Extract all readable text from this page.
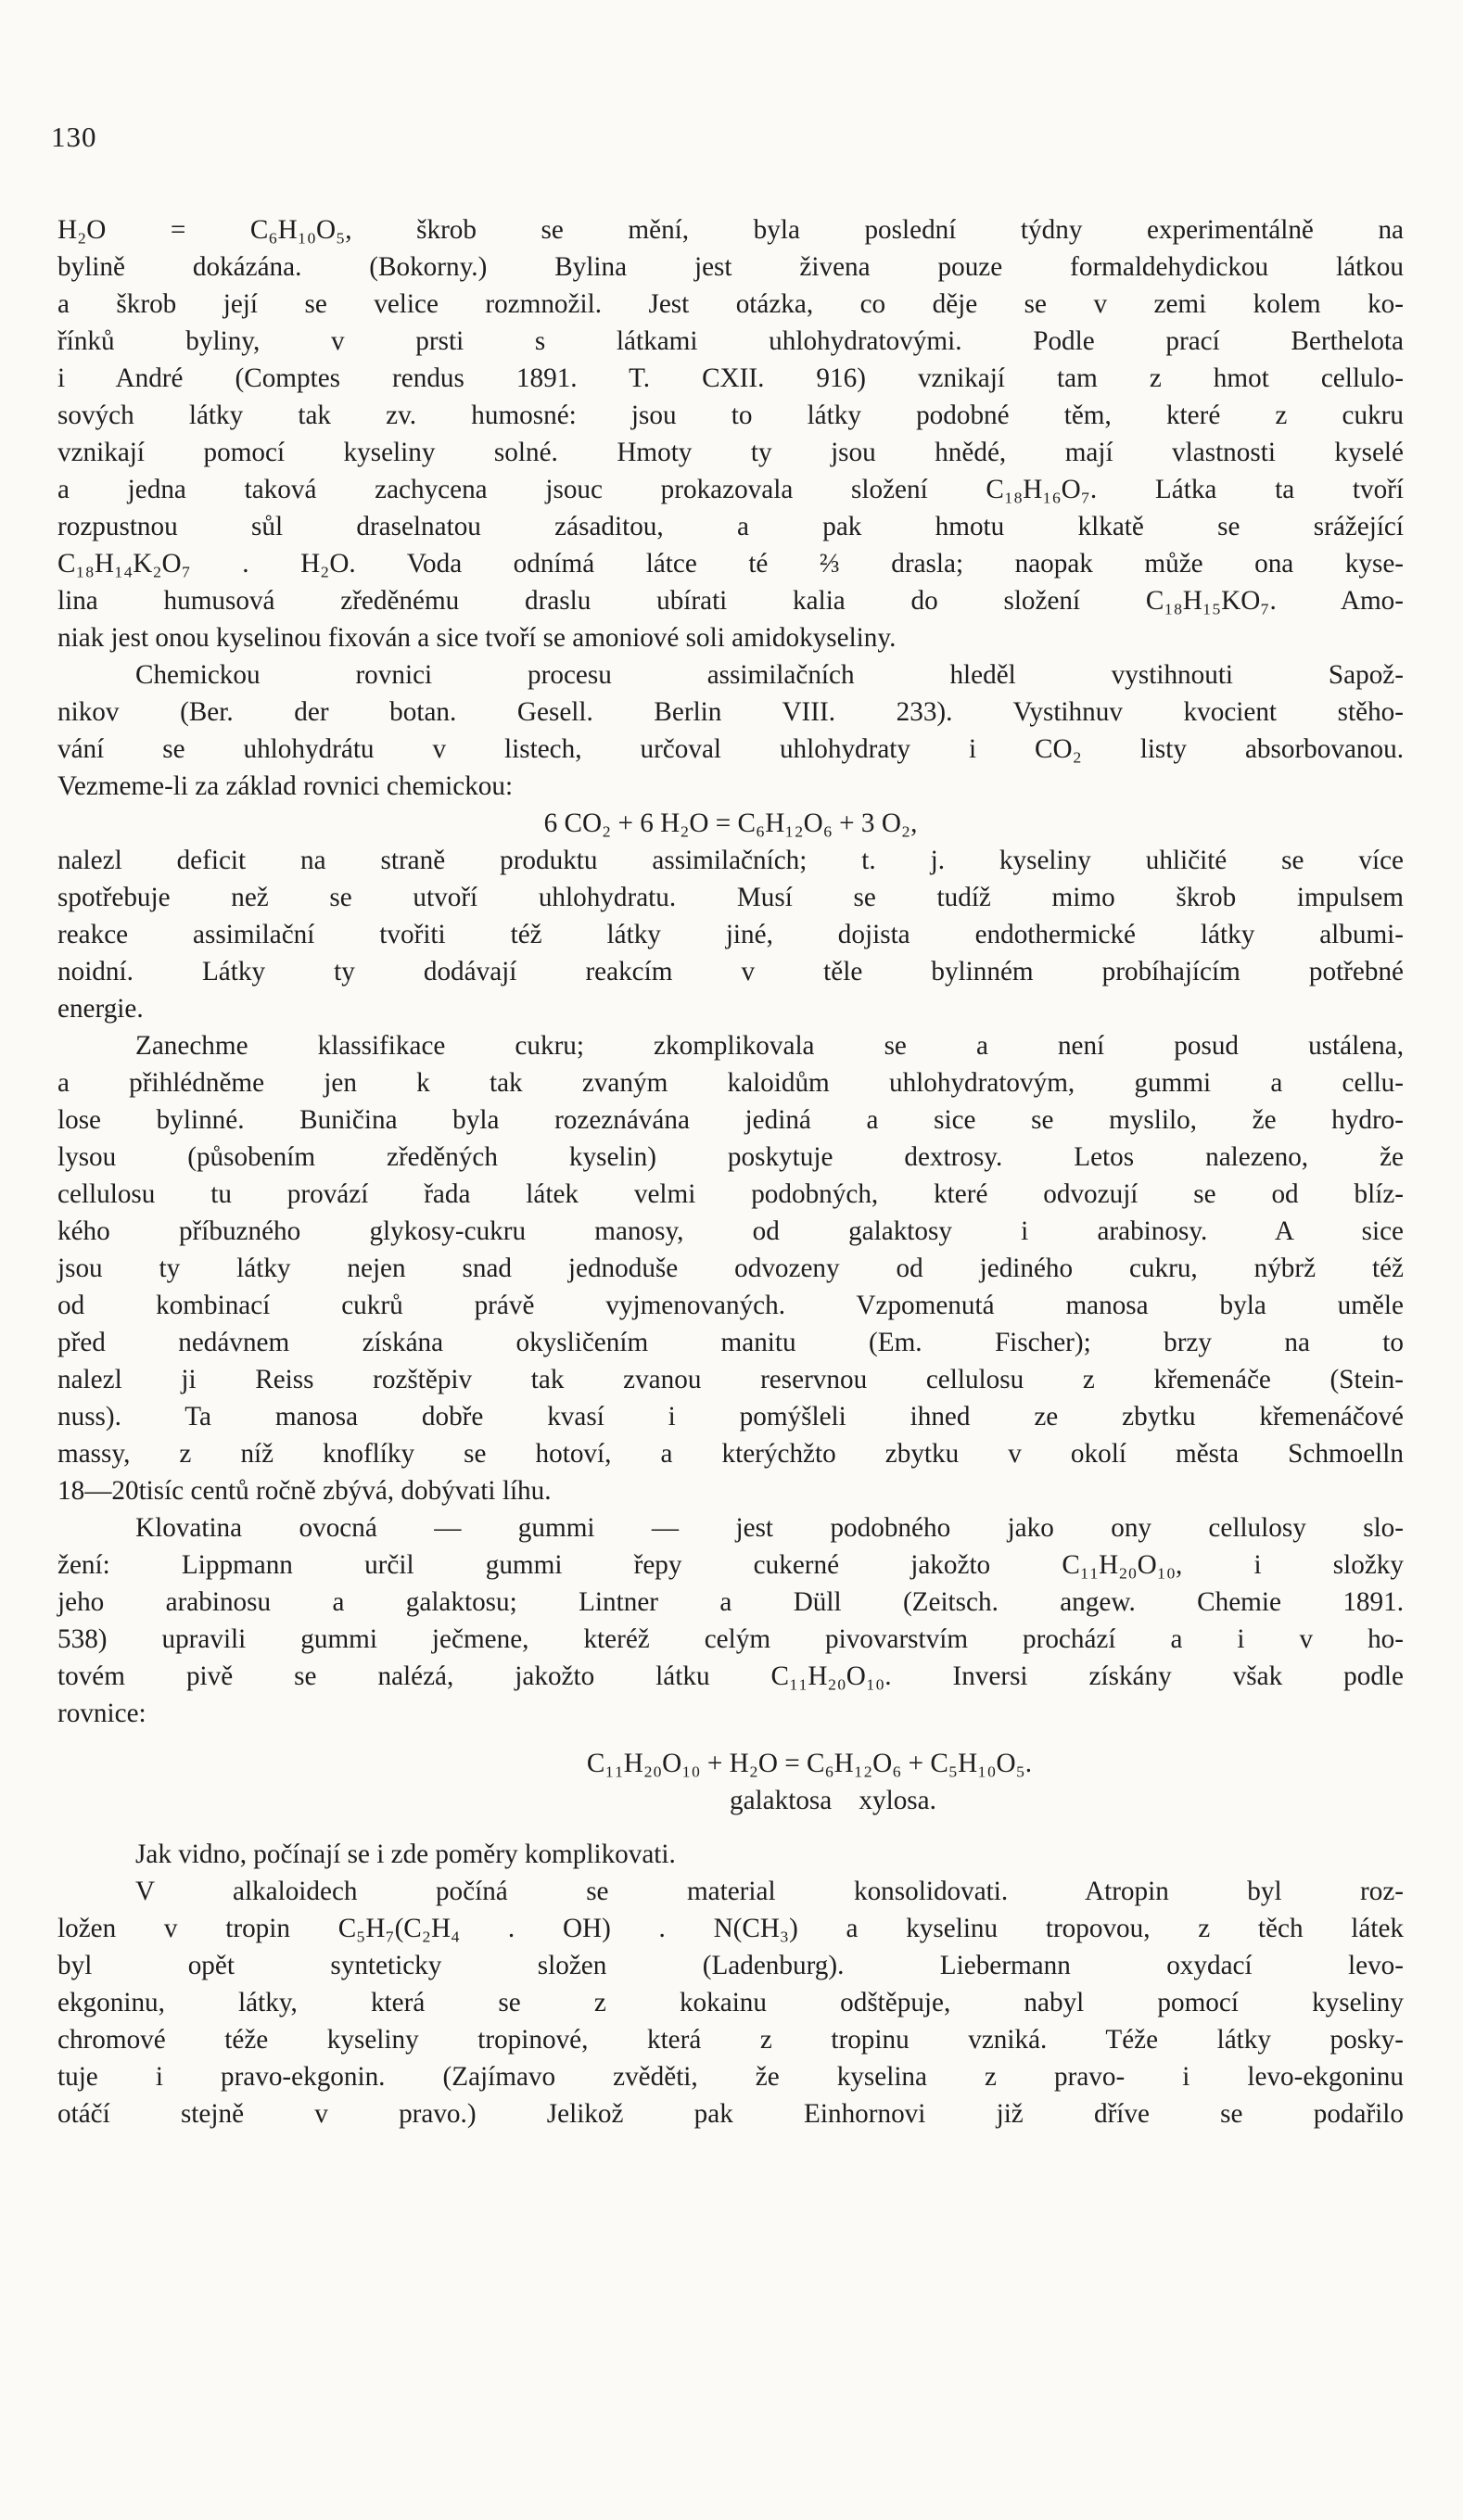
130

H₂O = C₆H₁₀O₅, škrob se mění, byla poslední týdny experimentálně na

bylině dokázána. (Bokorny.) Bylina jest živena pouze formaldehydickou látkou

a škrob její se velice rozmnožil. Jest otázka, co děje se v zemi kolem ko-

řínků byliny, v prsti s látkami uhlohydratovými. Podle prací Berthelota

i André (Comptes rendus 1891. T. CXII. 916) vznikají tam z hmot cellulo-

sových látky tak zv. humosné: jsou to látky podobné těm, které z cukru

vznikají pomocí kyseliny solné. Hmoty ty jsou hnědé, mají vlastnosti kyselé

a jedna taková zachycena jsouc prokazovala složení C₁₈H₁₆O₇. Látka ta tvoří

rozpustnou sůl draselnatou zásaditou, a pak hmotu klkatě se srážející

C₁₈H₁₄K₂O₇ . H₂O. Voda odnímá látce té ⅔ drasla; naopak může ona kyse-

lina humusová zředěnému draslu ubírati kalia do složení C₁₈H₁₅KO₇. Amo-

niak jest onou kyselinou fixován a sice tvoří se amoniové soli amidokyseliny.

Chemickou rovnici procesu assimilačních hleděl vystihnouti Sapož-

nikov (Ber. der botan. Gesell. Berlin VIII. 233). Vystihnuv kvocient stěho-

vání se uhlohydrátu v listech, určoval uhlohydraty i CO₂ listy absorbovanou.

Vezmeme-li za základ rovnici chemickou:

6 CO₂ + 6 H₂O = C₆H₁₂O₆ + 3 O₂,

nalezl deficit na straně produktu assimilačních; t. j. kyseliny uhličité se více

spotřebuje než se utvoří uhlohydratu. Musí se tudíž mimo škrob impulsem

reakce assimilační tvořiti též látky jiné, dojista endothermické látky albumi-

noidní. Látky ty dodávají reakcím v těle bylinném probíhajícím potřebné

energie.

Zanechme klassifikace cukru; zkomplikovala se a není posud ustálena,

a přihlédněme jen k tak zvaným kaloidům uhlohydratovým, gummi a cellu-

lose bylinné. Buničina byla rozeznávána jediná a sice se myslilo, že hydro-

lysou (působením zředěných kyselin) poskytuje dextrosy. Letos nalezeno, že

cellulosu tu provází řada látek velmi podobných, které odvozují se od blíz-

kého příbuzného glykosy-cukru manosy, od galaktosy i arabinosy. A sice

jsou ty látky nejen snad jednoduše odvozeny od jediného cukru, nýbrž též

od kombinací cukrů právě vyjmenovaných. Vzpomenutá manosa byla uměle

před nedávnem získána okysličením manitu (Em. Fischer); brzy na to

nalezl ji Reiss rozštěpiv tak zvanou reservnou cellulosu z křemenáče (Stein-

nuss). Ta manosa dobře kvasí i pomýšleli ihned ze zbytku křemenáčové

massy, z níž knoflíky se hotoví, a kterýchžto zbytku v okolí města Schmoelln

18—20tisíc centů ročně zbývá, dobývati líhu.

Klovatina ovocná — gummi — jest podobného jako ony cellulosy slo-

žení: Lippmann určil gummi řepy cukerné jakožto C₁₁H₂₀O₁₀, i složky

jeho arabinosu a galaktosu; Lintner a Düll (Zeitsch. angew. Chemie 1891.

538) upravili gummi ječmene, kteréž celým pivovarstvím prochází a i v ho-

tovém pivě se nalézá, jakožto látku C₁₁H₂₀O₁₀. Inversi získány však podle

rovnice:

C₁₁H₂₀O₁₀ + H₂O = C₆H₁₂O₆ + C₅H₁₀O₅.

galaktosa    xylosa.

Jak vidno, počínají se i zde poměry komplikovati.

V alkaloidech počíná se material konsolidovati. Atropin byl roz-

ložen v tropin C₅H₇(C₂H₄ . OH) . N(CH₃) a kyselinu tropovou, z těch látek

byl opět synteticky složen (Ladenburg). Liebermann oxydací levo-

ekgoninu, látky, která se z kokainu odštěpuje, nabyl pomocí kyseliny

chromové téže kyseliny tropinové, která z tropinu vzniká. Téže látky posky-

tuje i pravo-ekgonin. (Zajímavo zvěděti, že kyselina z pravo- i levo-ekgoninu

otáčí stejně v pravo.) Jelikož pak Einhornovi již dříve se podařilo
